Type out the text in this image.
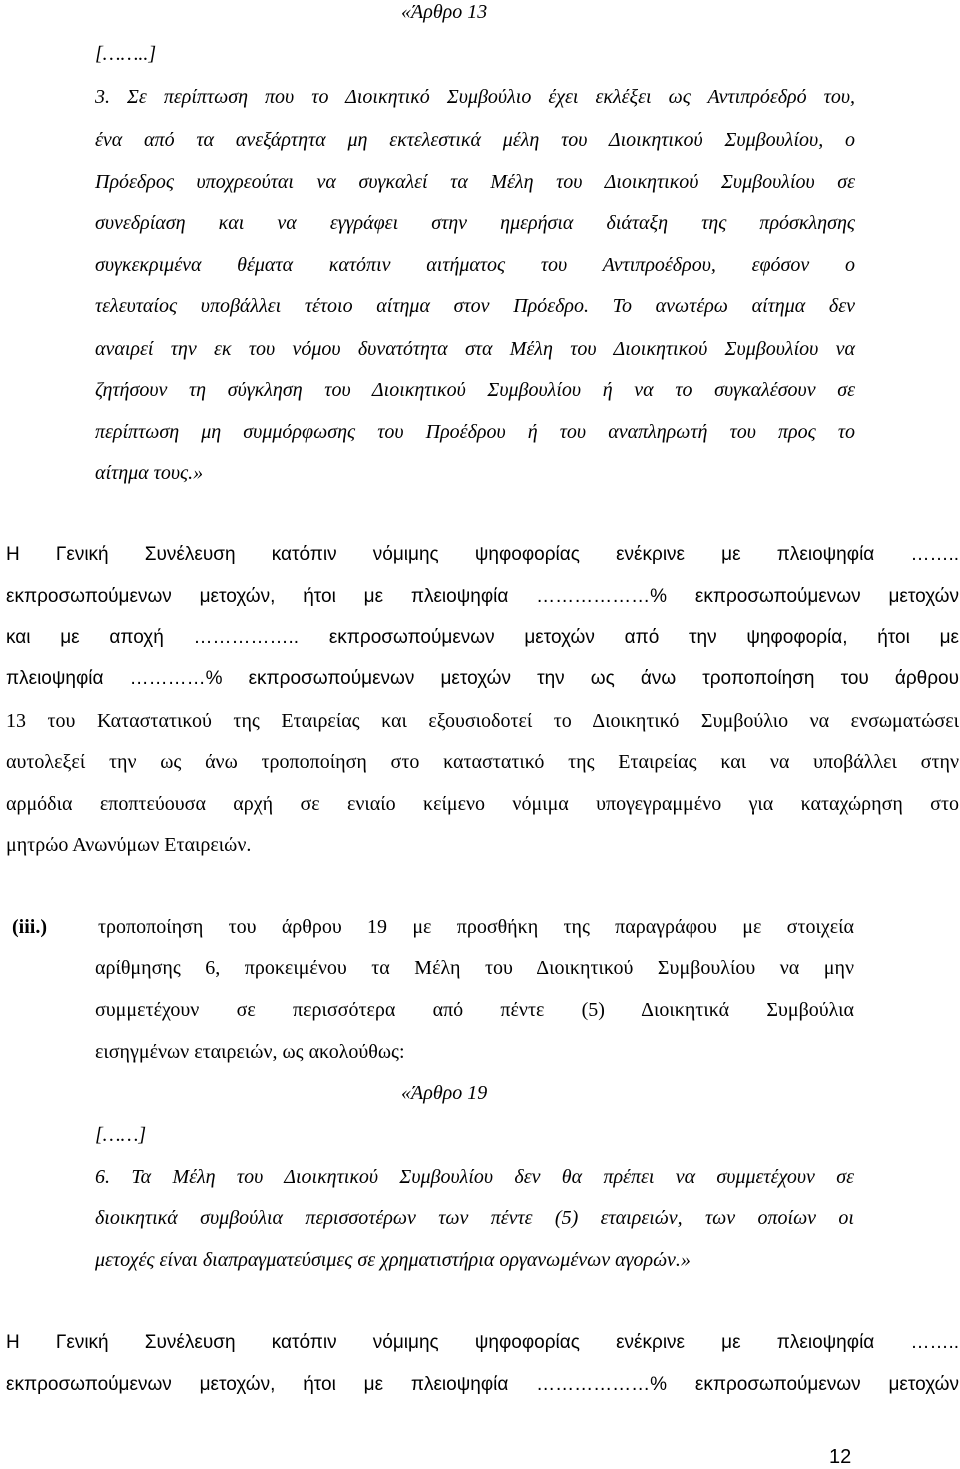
«Άρθρο 13
[……..]
3. Σε περίπτωση που το Διοικητικό Συμβούλιο έχει εκλέξει ως Αντιπρόεδρό του,
ένα από τα ανεξάρτητα μη εκτελεστικά μέλη του Διοικητικού Συμβουλίου, ο
Πρόεδρος υποχρεούται να συγκαλεί τα Μέλη του Διοικητικού Συμβουλίου σε
συνεδρίαση και να εγγράφει στην ημερήσια διάταξη της πρόσκλησης
συγκεκριμένα θέματα κατόπιν αιτήματος του Αντιπροέδρου, εφόσον ο
τελευταίος υποβάλλει τέτοιο αίτημα στον Πρόεδρο. Το ανωτέρω αίτημα δεν
αναιρεί την εκ του νόμου δυνατότητα στα Μέλη του Διοικητικού Συμβουλίου να
ζητήσουν τη σύγκληση του Διοικητικού Συμβουλίου ή να το συγκαλέσουν σε
περίπτωση μη συμμόρφωσης του Προέδρου ή του αναπληρωτή του προς το
αίτημα τους.»
Η Γενική Συνέλευση κατόπιν νόμιμης ψηφοφορίας ενέκρινε με πλειοψηφία ……..
εκπροσωπούμενων μετοχών, ήτοι με πλειοψηφία ………………% εκπροσωπούμενων μετοχών
και με αποχή …………….. εκπροσωπούμενων μετοχών από την ψηφοφορία, ήτοι με
πλειοψηφία …………% εκπροσωπούμενων μετοχών την ως άνω τροποποίηση του άρθρου
13 του Καταστατικού της Εταιρείας και εξουσιοδοτεί το Διοικητικό Συμβούλιο να ενσωματώσει
αυτολεξεί την ως άνω τροποποίηση στο καταστατικό της Εταιρείας και να υποβάλλει στην
αρμόδια εποπτεύουσα αρχή σε ενιαίο κείμενο νόμιμα υπογεγραμμένο για καταχώρηση στο
μητρώο Ανωνύμων Εταιρειών.
(iii.)	τροποποίηση του άρθρου 19 με προσθήκη της παραγράφου με στοιχεία
αρίθμησης 6, προκειμένου τα Μέλη του Διοικητικού Συμβουλίου να μην
συμμετέχουν σε περισσότερα από πέντε (5) Διοικητικά Συμβούλια
εισηγμένων εταιρειών, ως ακολούθως:
«Άρθρο 19
[……]
6. Τα Μέλη του Διοικητικού Συμβουλίου δεν θα πρέπει να συμμετέχουν σε
διοικητικά συμβούλια περισσοτέρων των πέντε (5) εταιρειών, των οποίων οι
μετοχές είναι διαπραγματεύσιμες σε χρηματιστήρια οργανωμένων αγορών.»
Η Γενική Συνέλευση κατόπιν νόμιμης ψηφοφορίας ενέκρινε με πλειοψηφία ……..
εκπροσωπούμενων μετοχών, ήτοι με πλειοψηφία ………………% εκπροσωπούμενων μετοχών
12
